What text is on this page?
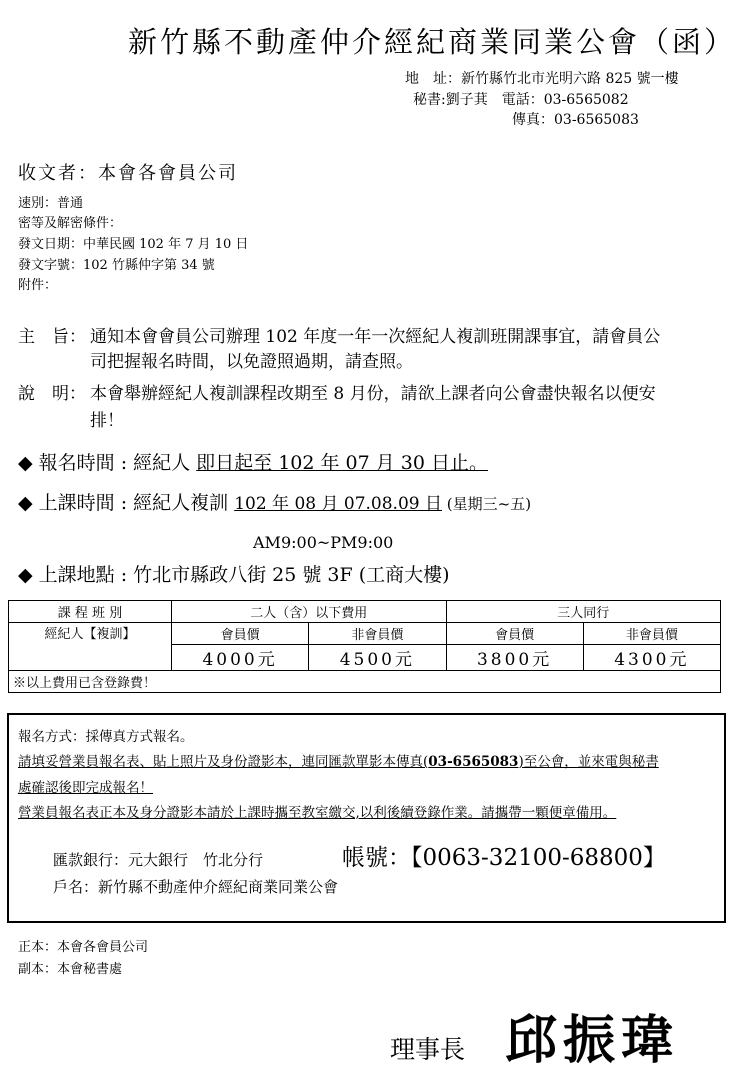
新竹縣不動產仲介經紀商業同業公會（函）
地　址：新竹縣竹北市光明六路 825 號一樓
秘書:劉子萁　電話：03-6565082
傳真：03-6565083
收文者：本會各會員公司
速別：普通
密等及解密條件：
發文日期：中華民國 102 年 7 月 10 日
發文字號：102 竹縣仲字第 34 號
附件：
主　旨： 通知本會會員公司辦理 102 年度一年一次經紀人複訓班開課事宜，請會員公
司把握報名時間，以免證照過期，請查照。
說　明： 本會舉辦經紀人複訓課程改期至 8 月份，請欲上課者向公會盡快報名以便安
排！
◆ 報名時間 : 經紀人 即日起至 102 年 07 月 30 日止。
◆ 上課時間 : 經紀人複訓 102 年 08 月 07.08.09 日 (星期三~五)
AM9:00~PM9:00
◆ 上課地點 : 竹北市縣政八街 25 號 3F (工商大樓)
課 程 班 別	二人（含）以下費用		三人同行	
經紀人【複訓】	會員價	非會員價	會員價	非會員價
	4000元	4500元	3800元	4300元
※以上費用已含登錄費！				
報名方式：採傳真方式報名。
請填妥營業員報名表、貼上照片及身份證影本，連同匯款單影本傳真(03-6565083)至公會，並來電與秘書
處確認後即完成報名！
營業員報名表正本及身分證影本請於上課時攜至教室繳交,以利後續登錄作業。請攜帶一顆便章備用。
匯款銀行：元大銀行　竹北分行	帳號：【0063-32100-68800】
戶名：新竹縣不動產仲介經紀商業同業公會
正本：本會各會員公司
副本：本會秘書處
理事長 邱振瑋
